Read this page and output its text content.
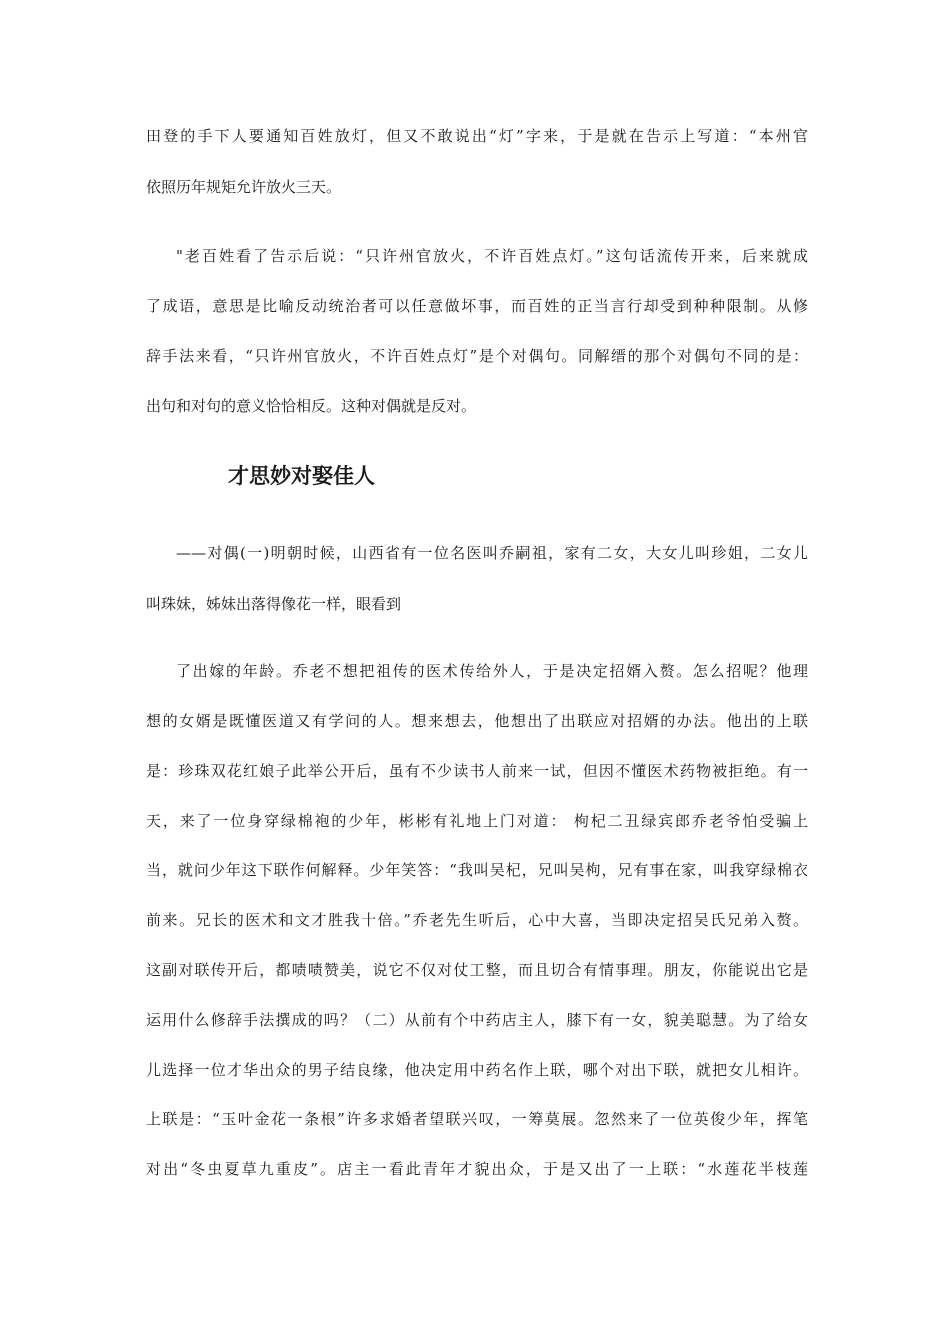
田登的手下人要通知百姓放灯，但又不敢说出“灯”字来，于是就在告示上写道：“本州官
依照历年规矩允许放火三天。
"老百姓看了告示后说：“只许州官放火，不许百姓点灯。”这句话流传开来，后来就成
了成语，意思是比喻反动统治者可以任意做坏事，而百姓的正当言行却受到种种限制。从修
辞手法来看，“只许州官放火，不许百姓点灯”是个对偶句。同解缙的那个对偶句不同的是：
出句和对句的意义恰恰相反。这种对偶就是反对。
才思妙对娶佳人
——对偶(一)明朝时候，山西省有一位名医叫乔嗣祖，家有二女，大女儿叫珍姐，二女儿
叫珠妹，姊妹出落得像花一样，眼看到
了出嫁的年龄。乔老不想把祖传的医术传给外人，于是决定招婿入赘。怎么招呢？他理
想的女婿是既懂医道又有学问的人。想来想去，他想出了出联应对招婿的办法。他出的上联
是：珍珠双花红娘子此举公开后，虽有不少读书人前来一试，但因不懂医术药物被拒绝。有一
天，来了一位身穿绿棉袍的少年，彬彬有礼地上门对道： 枸杞二丑绿宾郎乔老爷怕受骗上
当，就问少年这下联作何解释。少年笑答：“我叫吴杞，兄叫吴枸，兄有事在家，叫我穿绿棉衣
前来。兄长的医术和文才胜我十倍。”乔老先生听后，心中大喜，当即决定招吴氏兄弟入赘。
这副对联传开后，都啧啧赞美，说它不仅对仗工整，而且切合有情事理。朋友，你能说出它是
运用什么修辞手法撰成的吗？（二）从前有个中药店主人，膝下有一女，貌美聪慧。为了给女
儿选择一位才华出众的男子结良缘，他决定用中药名作上联，哪个对出下联，就把女儿相许。
上联是：“玉叶金花一条根”许多求婚者望联兴叹，一筹莫展。忽然来了一位英俊少年，挥笔
对出“冬虫夏草九重皮”。店主一看此青年才貌出众，于是又出了一上联：“水莲花半枝莲
